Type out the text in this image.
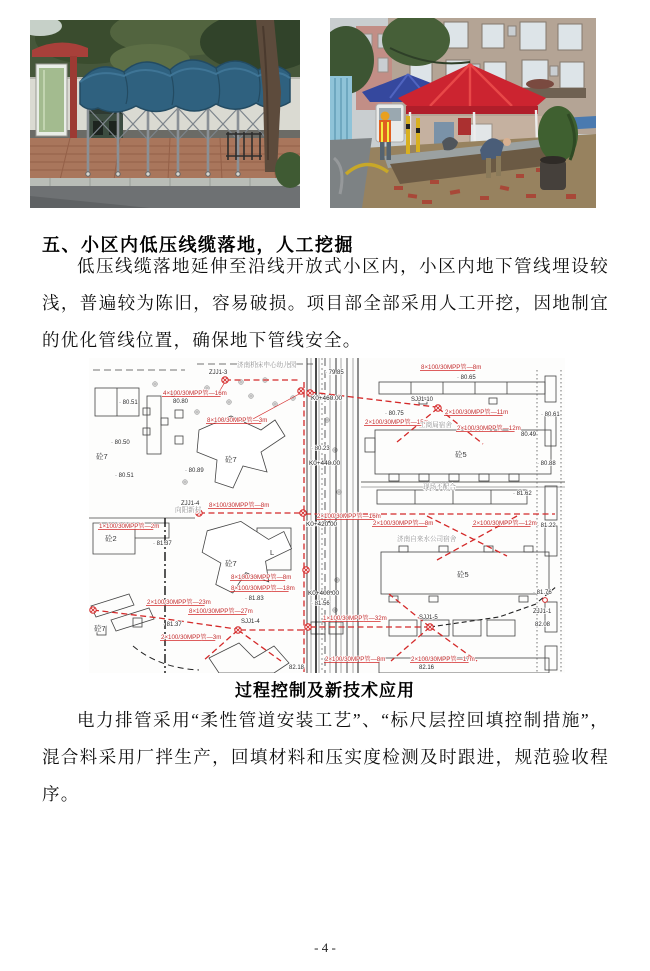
五、小区内低压线缆落地，人工挖掘

低压线缆落地延伸至沿线开放式小区内，小区内地下管线埋设较浅，普遍较为陈旧，容易破损。项目部全部采用人工开挖，因地制宜的优化管线位置，确保地下管线安全。

ZJJ1-3
济南机床中心幼儿园
· 79.85
4×100/30MPP管—16m
80.80
8×100/30MPP管—8m
· 80.65
SJJ1-10
2×100/30MPP管—11m
2×100/30MPP管—12m
80.49
2×100/30MPP管—15m
8×100/30MPP管—3m
· 80.75
· 80.51
· 80.50
· 80.51
· 80.89
· 80.61
· 80.88
· 81.62
· 81.22
工商局宿舍
现场不配合
济南自来水公司宿舍
ZJJ1-4
向阳新村
8×100/30MPP管—8m
2×100/30MPP管—16m
1×100/30MPP管—2m
· 81.37
2×100/30MPP管—8m	2×100/30MPP管—12m
8×100/30MPP管—8m
8×100/30MPP管—18m
· 81.83
2×100/30MPP管—23m
8×100/30MPP管—27m
SJJ1-4
· 81.37
2×100/30MPP管—3m
1×100/30MPP管—32m
2×100/30MPP管—8m	2×100/30MPP管—17m
82.18	82.16
SJJ1-5
ZJJ1-1
82.08
· 81.76
K0+460.00
· 80.23
K0+440.00
K0+420.00
K0+400.00
· 81.56
砼7
砼2
砼7
砼7
砼7
砼5
砼5
L
过程控制及新技术应用

电力排管采用“柔性管道安装工艺”、“标尺层控回填控制措施”，混合料采用厂拌生产，回填材料和压实度检测及时跟进，规范验收程序。

- 4 -
